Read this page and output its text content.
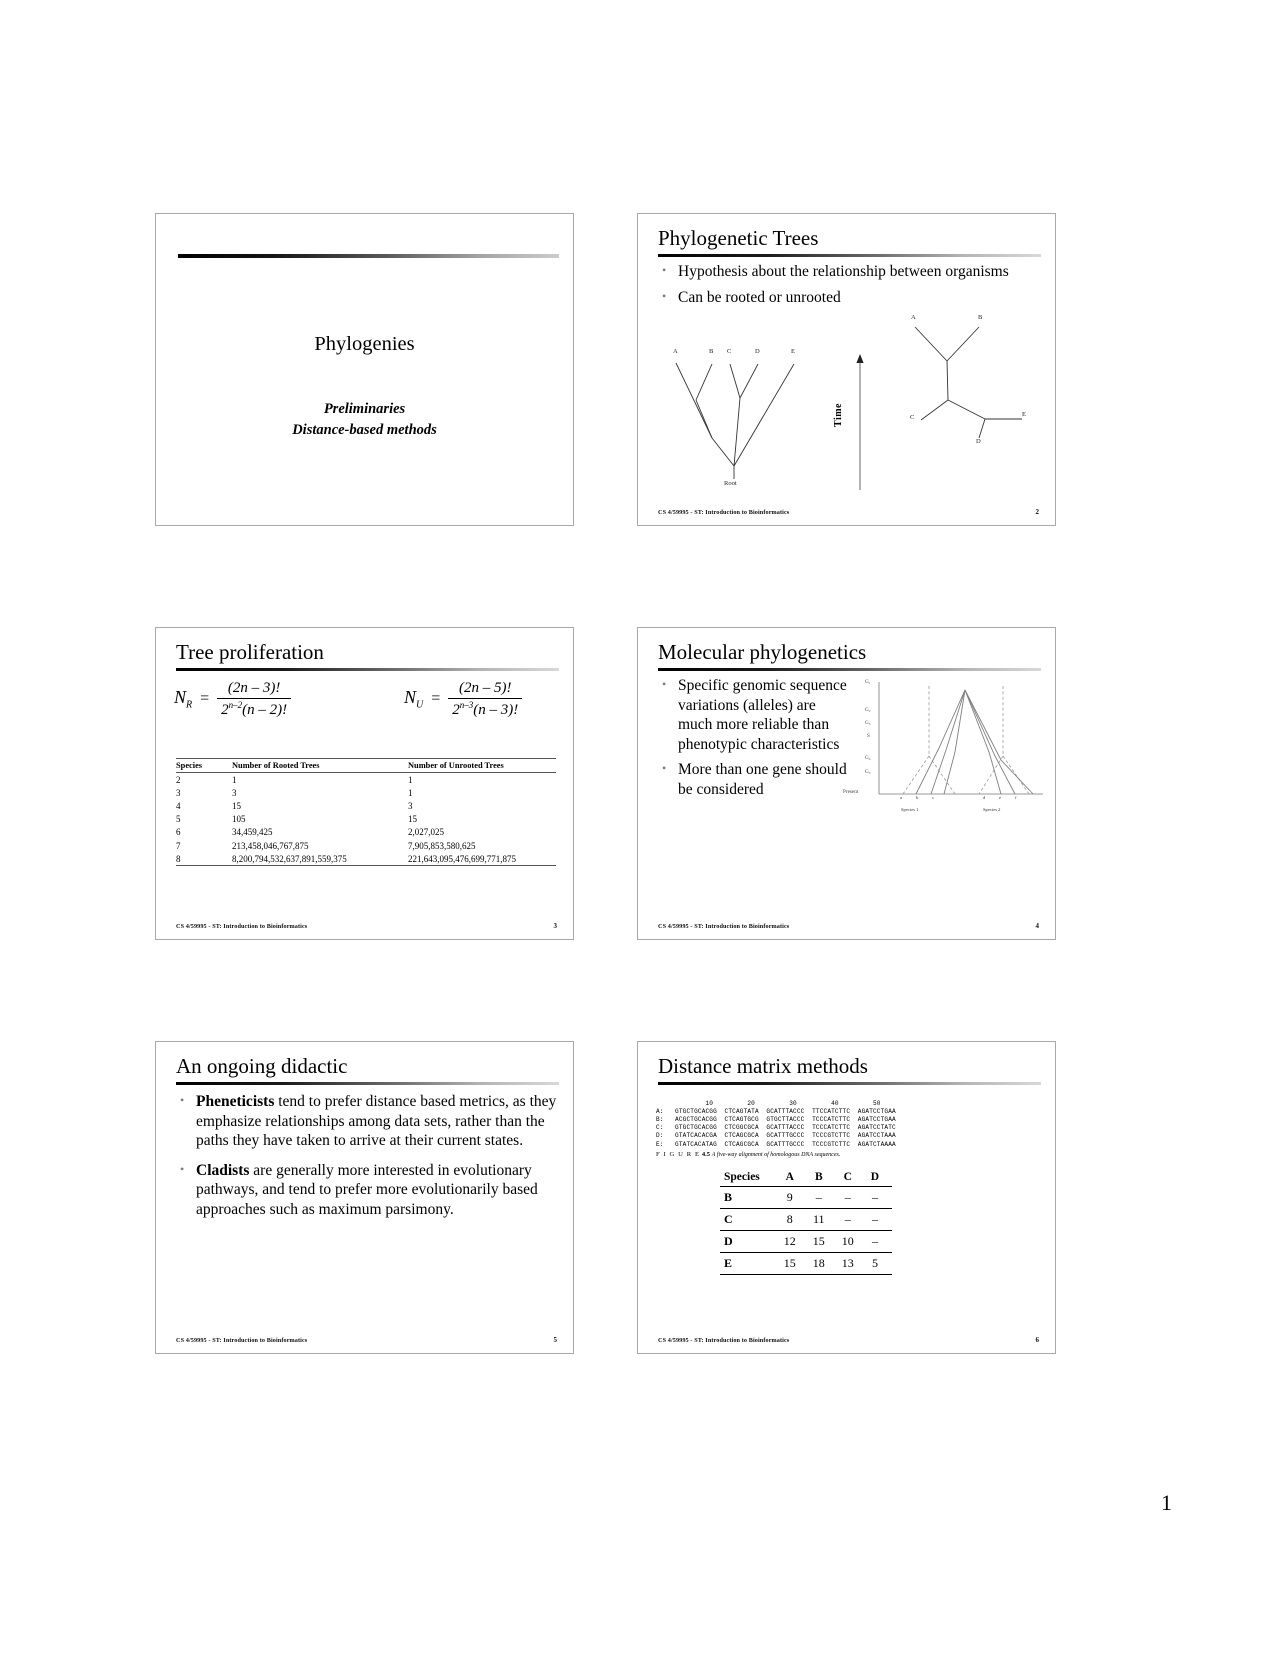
Phylogenies
Preliminaries
Distance-based methods
Phylogenetic Trees
• Hypothesis about the relationship between organisms
• Can be rooted or unrooted
A	B C	D	E
Root
Time
A	B
C
D
E
CS 4/59995 - ST: Introduction to Bioinformatics	2
Tree proliferation
$N_R = \frac{(2n - 3)!}{2^{n-2}(n - 2)!}$	$N_U = \frac{(2n - 5)!}{2^{n-3}(n - 3)!}$
Species	Number of Rooted Trees	Number of Unrooted Trees
2	1	1
3	3	1
4	15	3
5	105	15
6	34,459,425	2,027,025
7	213,458,046,767,875	7,905,853,580,625
8	8,200,794,532,637,891,559,375	221,643,095,476,699,771,875
CS 4/59995 - ST: Introduction to Bioinformatics	3
Molecular phylogenetics
• Specific genomic sequence variations (alleles) are much more reliable than phenotypic characteristics
• More than one gene should be considered
G₁
G₂
G₃
S
G₄
G₅
Present
a	b	c	d	e	f
Species 1	Species 2
CS 4/59995 - ST: Introduction to Bioinformatics	4
An ongoing didactic
• Pheneticists tend to prefer distance based metrics, as they emphasize relationships among data sets, rather than the paths they have taken to arrive at their current states.
• Cladists are generally more interested in evolutionary pathways, and tend to prefer more evolutionarily based approaches such as maximum parsimony.
CS 4/59995 - ST: Introduction to Bioinformatics	5
Distance matrix methods

10         20         30         40         50
A: GTGCTGCACGG  CTCAGTATA  GCATTTACCC  TTCCATCTTC  AGATCCTGAA
B: ACGCTGCACGG  CTCAGTGCG  GTGCTTACCC  TCCCATCTTC  AGATCCTGAA
C: GTGCTGCACGG  CTCGGCGCA  GCATTTACCC  TCCCATCTTC  AGATCCTATC
D: GTATCACACGA  CTCAGCGCA  GCATTTGCCC  TCCCGTCTTC  AGATCCTAAA
E: GTATCACATAG  CTCAGCGCA  GCATTTGCCC  TCCCGTCTTC  AGATCTAAAA

F I G U R E 4.5 A five-way alignment of homologous DNA sequences.
Species	A	B	C	D
B	9	–	–	–
C	8	11	–	–
D	12	15	10	–
E	15	18	13	5
CS 4/59995 - ST: Introduction to Bioinformatics	6
1
